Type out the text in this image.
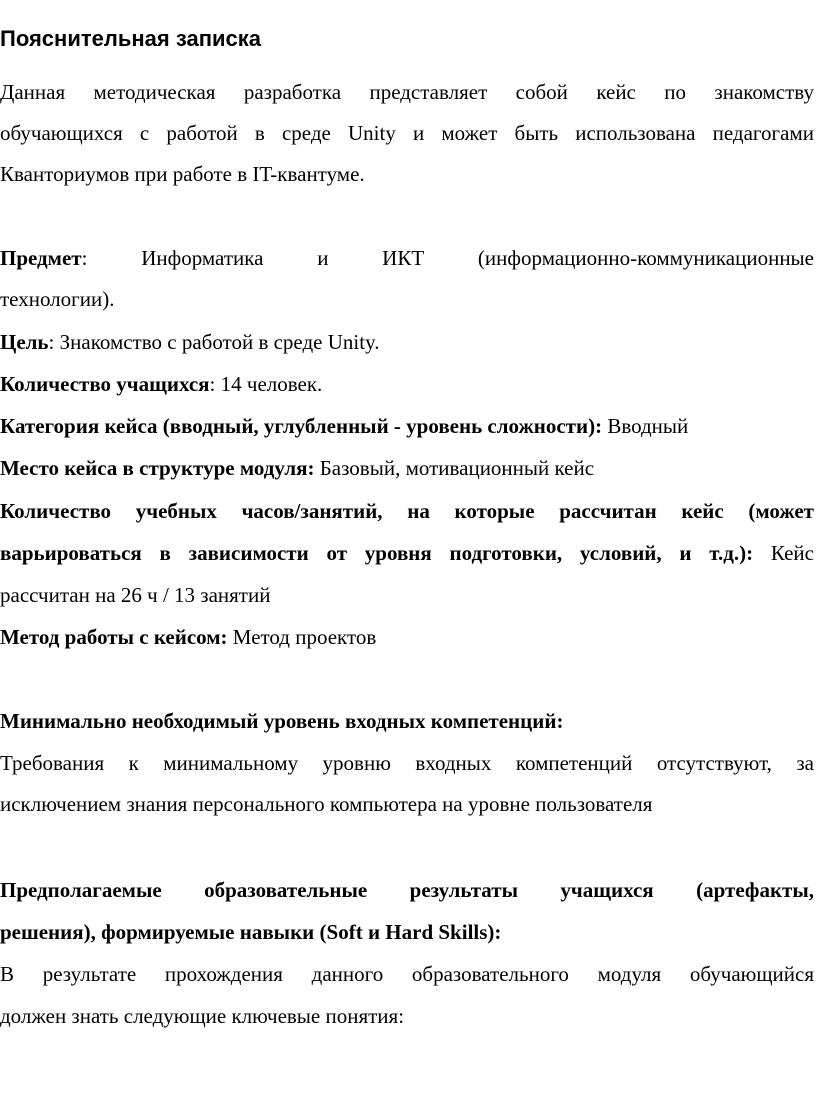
Пояснительная записка
Данная методическая разработка представляет собой кейс по знакомству
обучающихся с работой в среде Unity и может быть использована педагогами
Кванториумов при работе в IT-квантуме.
Предмет: Информатика и ИКТ (информационно-коммуникационные
технологии).
Цель: Знакомство с работой в среде Unity.
Количество учащихся: 14 человек.
Категория кейса (вводный, углубленный - уровень сложности): Вводный
Место кейса в структуре модуля: Базовый, мотивационный кейс
Количество учебных часов/занятий, на которые рассчитан кейс (может
варьироваться в зависимости от уровня подготовки, условий, и т.д.): Кейс
рассчитан на 26 ч / 13 занятий
Метод работы с кейсом: Метод проектов
Минимально необходимый уровень входных компетенций:
Требования к минимальному уровню входных компетенций отсутствуют, за
исключением знания персонального компьютера на уровне пользователя
Предполагаемые образовательные результаты учащихся (артефакты,
решения), формируемые навыки (Soft и Hard Skills):
В результате прохождения данного образовательного модуля обучающийся
должен знать следующие ключевые понятия:
